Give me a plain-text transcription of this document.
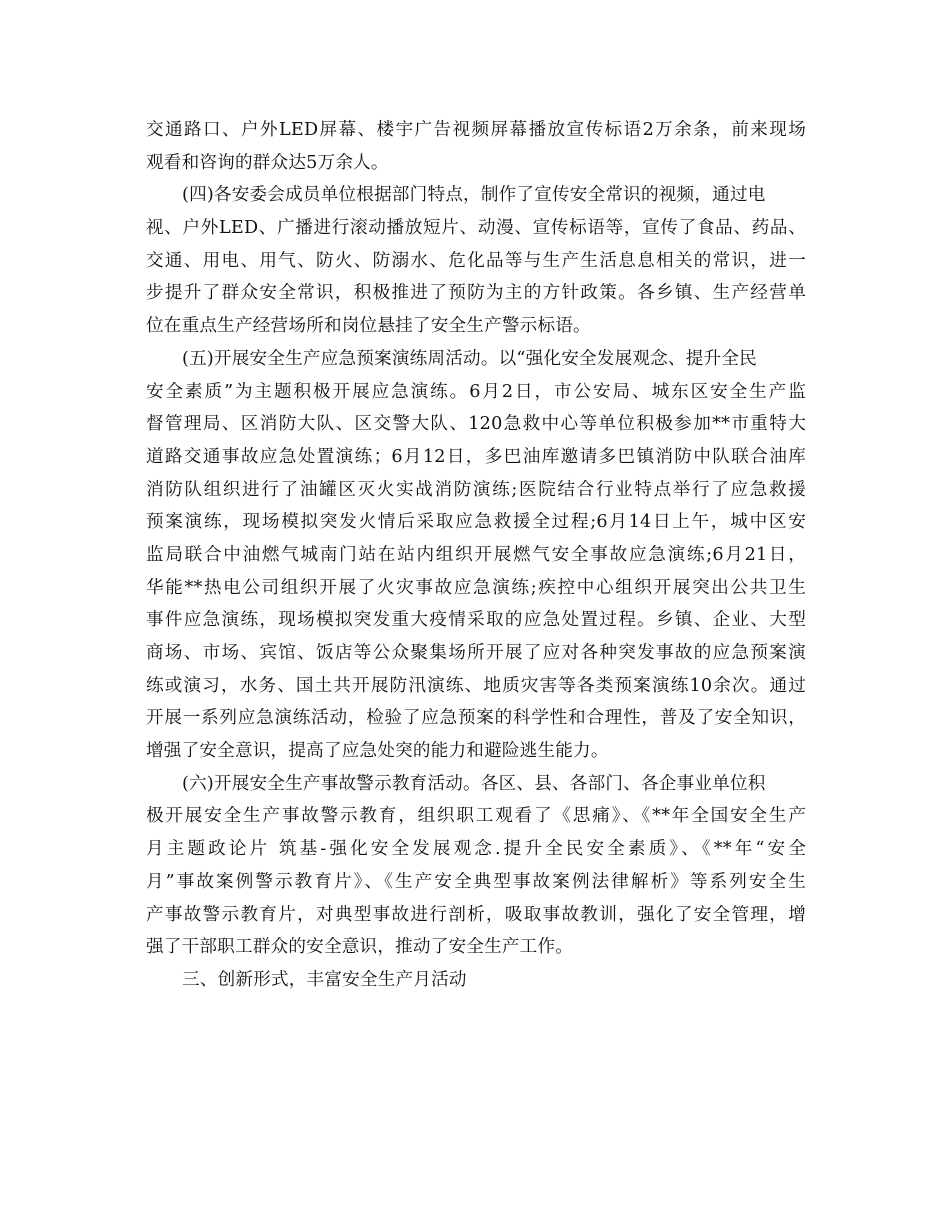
交通路口、户外LED屏幕、楼宇广告视频屏幕播放宣传标语2万余条，前来现场
观看和咨询的群众达5万余人。
(四)各安委会成员单位根据部门特点，制作了宣传安全常识的视频，通过电
视、户外LED、广播进行滚动播放短片、动漫、宣传标语等，宣传了食品、药品、
交通、用电、用气、防火、防溺水、危化品等与生产生活息息相关的常识，进一
步提升了群众安全常识，积极推进了预防为主的方针政策。各乡镇、生产经营单
位在重点生产经营场所和岗位悬挂了安全生产警示标语。
(五)开展安全生产应急预案演练周活动。以“强化安全发展观念、提升全民
安全素质”为主题积极开展应急演练。6月2日，市公安局、城东区安全生产监
督管理局、区消防大队、区交警大队、120急救中心等单位积极参加**市重特大
道路交通事故应急处置演练；6月12日，多巴油库邀请多巴镇消防中队联合油库
消防队组织进行了油罐区灭火实战消防演练;医院结合行业特点举行了应急救援
预案演练，现场模拟突发火情后采取应急救援全过程;6月14日上午，城中区安
监局联合中油燃气城南门站在站内组织开展燃气安全事故应急演练;6月21日，
华能**热电公司组织开展了火灾事故应急演练;疾控中心组织开展突出公共卫生
事件应急演练，现场模拟突发重大疫情采取的应急处置过程。乡镇、企业、大型
商场、市场、宾馆、饭店等公众聚集场所开展了应对各种突发事故的应急预案演
练或演习，水务、国土共开展防汛演练、地质灾害等各类预案演练10余次。通过
开展一系列应急演练活动，检验了应急预案的科学性和合理性，普及了安全知识，
增强了安全意识，提高了应急处突的能力和避险逃生能力。
(六)开展安全生产事故警示教育活动。各区、县、各部门、各企事业单位积
极开展安全生产事故警示教育，组织职工观看了《思痛》、《**年全国安全生产
月主题政论片 筑基-强化安全发展观念.提升全民安全素质》、《**年“安全
月”事故案例警示教育片》、《生产安全典型事故案例法律解析》等系列安全生
产事故警示教育片，对典型事故进行剖析，吸取事故教训，强化了安全管理，增
强了干部职工群众的安全意识，推动了安全生产工作。
三、创新形式，丰富安全生产月活动
